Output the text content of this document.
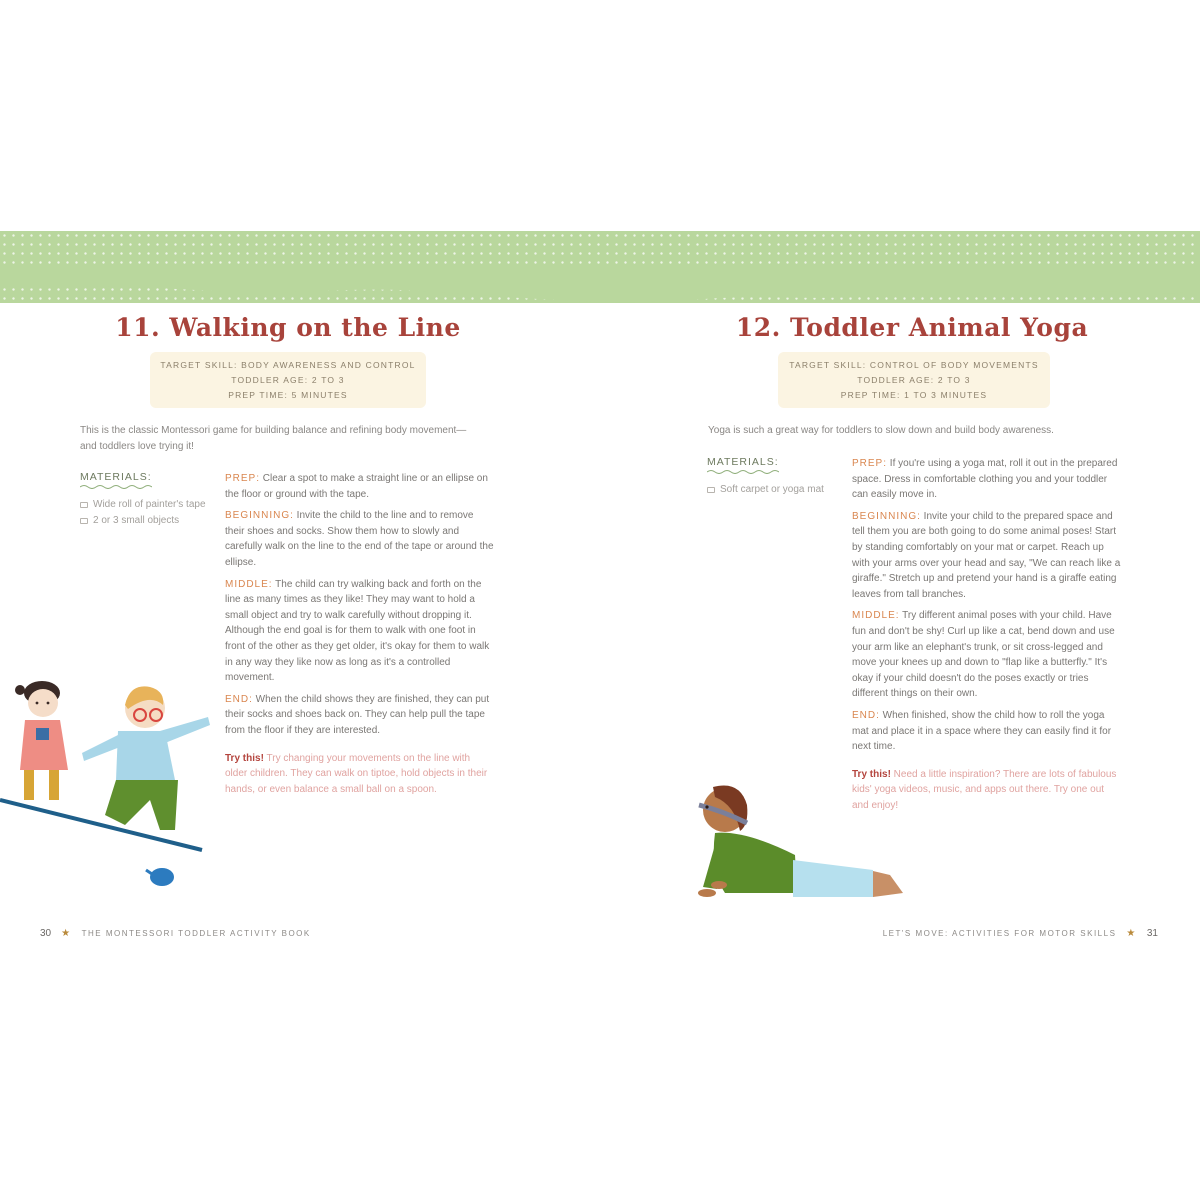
11. Walking on the Line
TARGET SKILL: BODY AWARENESS AND CONTROL
TODDLER AGE: 2 TO 3
PREP TIME: 5 MINUTES

This is the classic Montessori game for building balance and refining body movement—and toddlers love trying it!

MATERIALS:
Wide roll of painter's tape
2 or 3 small objects

PREP: Clear a spot to make a straight line or an ellipse on the floor or ground with the tape.

BEGINNING: Invite the child to the line and to remove their shoes and socks. Show them how to slowly and carefully walk on the line to the end of the tape or around the ellipse.

MIDDLE: The child can try walking back and forth on the line as many times as they like! They may want to hold a small object and try to walk carefully without dropping it. Although the end goal is for them to walk with one foot in front of the other as they get older, it's okay for them to walk in any way they like now as long as it's a controlled movement.

END: When the child shows they are finished, they can put their socks and shoes back on. They can help pull the tape from the floor if they are interested.

Try this! Try changing your movements on the line with older children. They can walk on tiptoe, hold objects in their hands, or even balance a small ball on a spoon.

30 ★ THE MONTESSORI TODDLER ACTIVITY BOOK
12. Toddler Animal Yoga
TARGET SKILL: CONTROL OF BODY MOVEMENTS
TODDLER AGE: 2 TO 3
PREP TIME: 1 TO 3 MINUTES

Yoga is such a great way for toddlers to slow down and build body awareness.

MATERIALS:
Soft carpet or yoga mat

PREP: If you're using a yoga mat, roll it out in the prepared space. Dress in comfortable clothing you and your toddler can easily move in.

BEGINNING: Invite your child to the prepared space and tell them you are both going to do some animal poses! Start by standing comfortably on your mat or carpet. Reach up with your arms over your head and say, "We can reach like a giraffe." Stretch up and pretend your hand is a giraffe eating leaves from tall branches.

MIDDLE: Try different animal poses with your child. Have fun and don't be shy! Curl up like a cat, bend down and use your arm like an elephant's trunk, or sit cross-legged and move your knees up and down to "flap like a butterfly." It's okay if your child doesn't do the poses exactly or tries different things on their own.

END: When finished, show the child how to roll the yoga mat and place it in a space where they can easily find it for next time.

Try this! Need a little inspiration? There are lots of fabulous kids' yoga videos, music, and apps out there. Try one out and enjoy!

LET'S MOVE: ACTIVITIES FOR MOTOR SKILLS ★ 31
